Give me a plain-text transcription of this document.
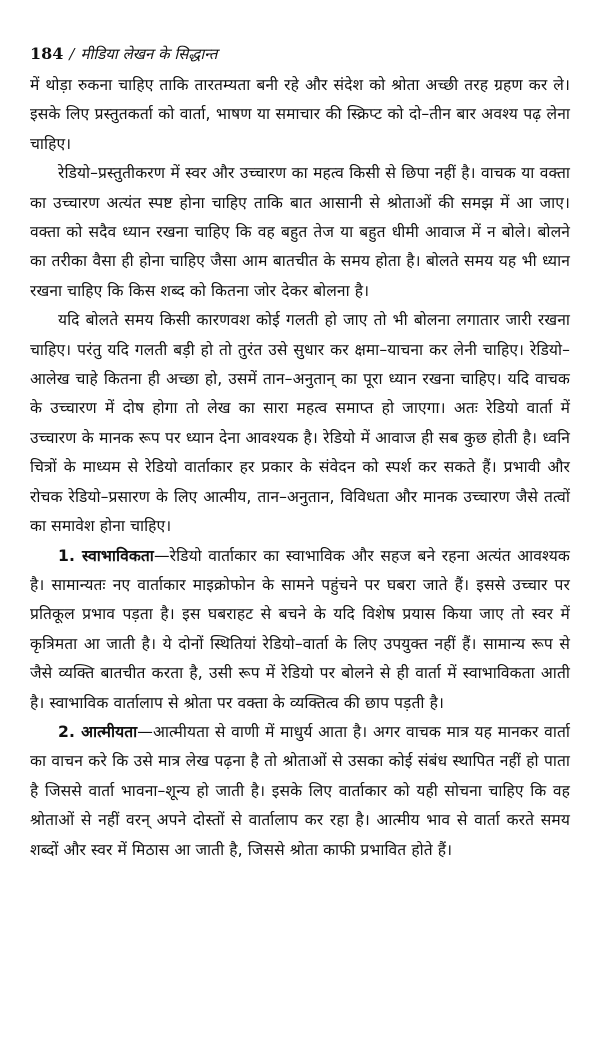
184 / मीडिया लेखन के सिद्धान्त

में थोड़ा रुकना चाहिए ताकि तारतम्यता बनी रहे और संदेश को श्रोता अच्छी तरह ग्रहण कर ले। इसके लिए प्रस्तुतकर्ता को वार्ता, भाषण या समाचार की स्क्रिप्ट को दो–तीन बार अवश्य पढ़ लेना चाहिए।

रेडियो–प्रस्तुतीकरण में स्वर और उच्चारण का महत्व किसी से छिपा नहीं है। वाचक या वक्ता का उच्चारण अत्यंत स्पष्ट होना चाहिए ताकि बात आसानी से श्रोताओं की समझ में आ जाए। वक्ता को सदैव ध्यान रखना चाहिए कि वह बहुत तेज या बहुत धीमी आवाज में न बोले। बोलने का तरीका वैसा ही होना चाहिए जैसा आम बातचीत के समय होता है। बोलते समय यह भी ध्यान रखना चाहिए कि किस शब्द को कितना जोर देकर बोलना है।

यदि बोलते समय किसी कारणवश कोई गलती हो जाए तो भी बोलना लगातार जारी रखना चाहिए। परंतु यदि गलती बड़ी हो तो तुरंत उसे सुधार कर क्षमा–याचना कर लेनी चाहिए। रेडियो–आलेख चाहे कितना ही अच्छा हो, उसमें तान–अनुतान् का पूरा ध्यान रखना चाहिए। यदि वाचक के उच्चारण में दोष होगा तो लेख का सारा महत्व समाप्त हो जाएगा। अतः रेडियो वार्ता में उच्चारण के मानक रूप पर ध्यान देना आवश्यक है। रेडियो में आवाज ही सब कुछ होती है। ध्वनि चित्रों के माध्यम से रेडियो वार्ताकार हर प्रकार के संवेदन को स्पर्श कर सकते हैं। प्रभावी और रोचक रेडियो–प्रसारण के लिए आत्मीय, तान–अनुतान, विविधता और मानक उच्चारण जैसे तत्वों का समावेश होना चाहिए।

1. स्वाभाविकता—रेडियो वार्ताकार का स्वाभाविक और सहज बने रहना अत्यंत आवश्यक है। सामान्यतः नए वार्ताकार माइक्रोफोन के सामने पहुंचने पर घबरा जाते हैं। इससे उच्चार पर प्रतिकूल प्रभाव पड़ता है। इस घबराहट से बचने के यदि विशेष प्रयास किया जाए तो स्वर में कृत्रिमता आ जाती है। ये दोनों स्थितियां रेडियो–वार्ता के लिए उपयुक्त नहीं हैं। सामान्य रूप से जैसे व्यक्ति बातचीत करता है, उसी रूप में रेडियो पर बोलने से ही वार्ता में स्वाभाविकता आती है। स्वाभाविक वार्तालाप से श्रोता पर वक्ता के व्यक्तित्व की छाप पड़ती है।

2. आत्मीयता—आत्मीयता से वाणी में माधुर्य आता है। अगर वाचक मात्र यह मानकर वार्ता का वाचन करे कि उसे मात्र लेख पढ़ना है तो श्रोताओं से उसका कोई संबंध स्थापित नहीं हो पाता है जिससे वार्ता भावना–शून्य हो जाती है। इसके लिए वार्ताकार को यही सोचना चाहिए कि वह श्रोताओं से नहीं वरन् अपने दोस्तों से वार्तालाप कर रहा है। आत्मीय भाव से वार्ता करते समय शब्दों और स्वर में मिठास आ जाती है, जिससे श्रोता काफी प्रभावित होते हैं।
